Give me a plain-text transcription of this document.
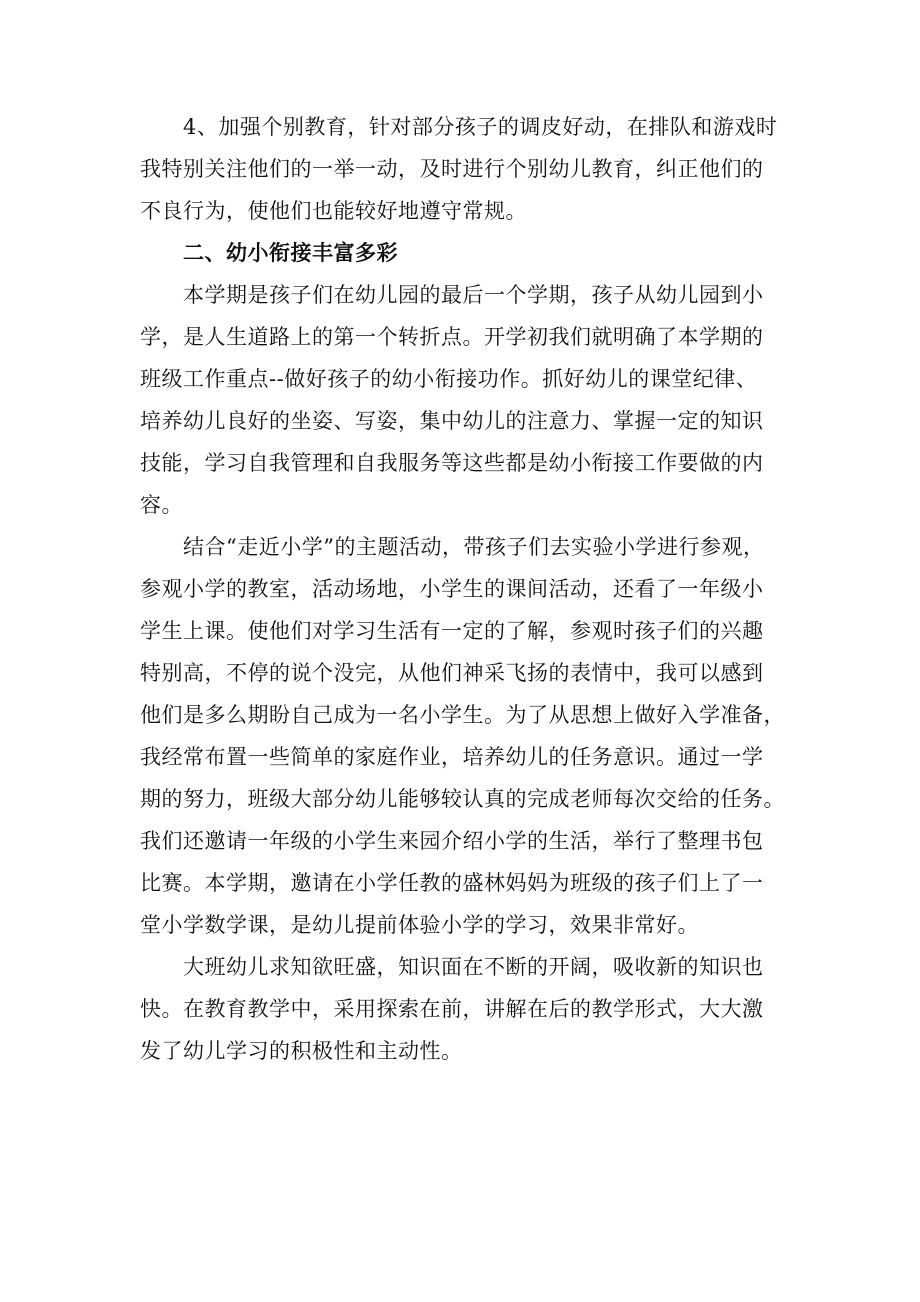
4、加强个别教育，针对部分孩子的调皮好动，在排队和游戏时
我特别关注他们的一举一动，及时进行个别幼儿教育，纠正他们的
不良行为，使他们也能较好地遵守常规。
二、幼小衔接丰富多彩
本学期是孩子们在幼儿园的最后一个学期，孩子从幼儿园到小
学，是人生道路上的第一个转折点。开学初我们就明确了本学期的
班级工作重点--做好孩子的幼小衔接功作。抓好幼儿的课堂纪律、
培养幼儿良好的坐姿、写姿，集中幼儿的注意力、掌握一定的知识
技能，学习自我管理和自我服务等这些都是幼小衔接工作要做的内
容。
结合“走近小学”的主题活动，带孩子们去实验小学进行参观，
参观小学的教室，活动场地，小学生的课间活动，还看了一年级小
学生上课。使他们对学习生活有一定的了解，参观时孩子们的兴趣
特别高，不停的说个没完，从他们神采飞扬的表情中，我可以感到
他们是多么期盼自己成为一名小学生。为了从思想上做好入学准备，
我经常布置一些简单的家庭作业，培养幼儿的任务意识。通过一学
期的努力，班级大部分幼儿能够较认真的完成老师每次交给的任务。
我们还邀请一年级的小学生来园介绍小学的生活，举行了整理书包
比赛。本学期，邀请在小学任教的盛林妈妈为班级的孩子们上了一
堂小学数学课，是幼儿提前体验小学的学习，效果非常好。
大班幼儿求知欲旺盛，知识面在不断的开阔，吸收新的知识也
快。在教育教学中，采用探索在前，讲解在后的教学形式，大大激
发了幼儿学习的积极性和主动性。
